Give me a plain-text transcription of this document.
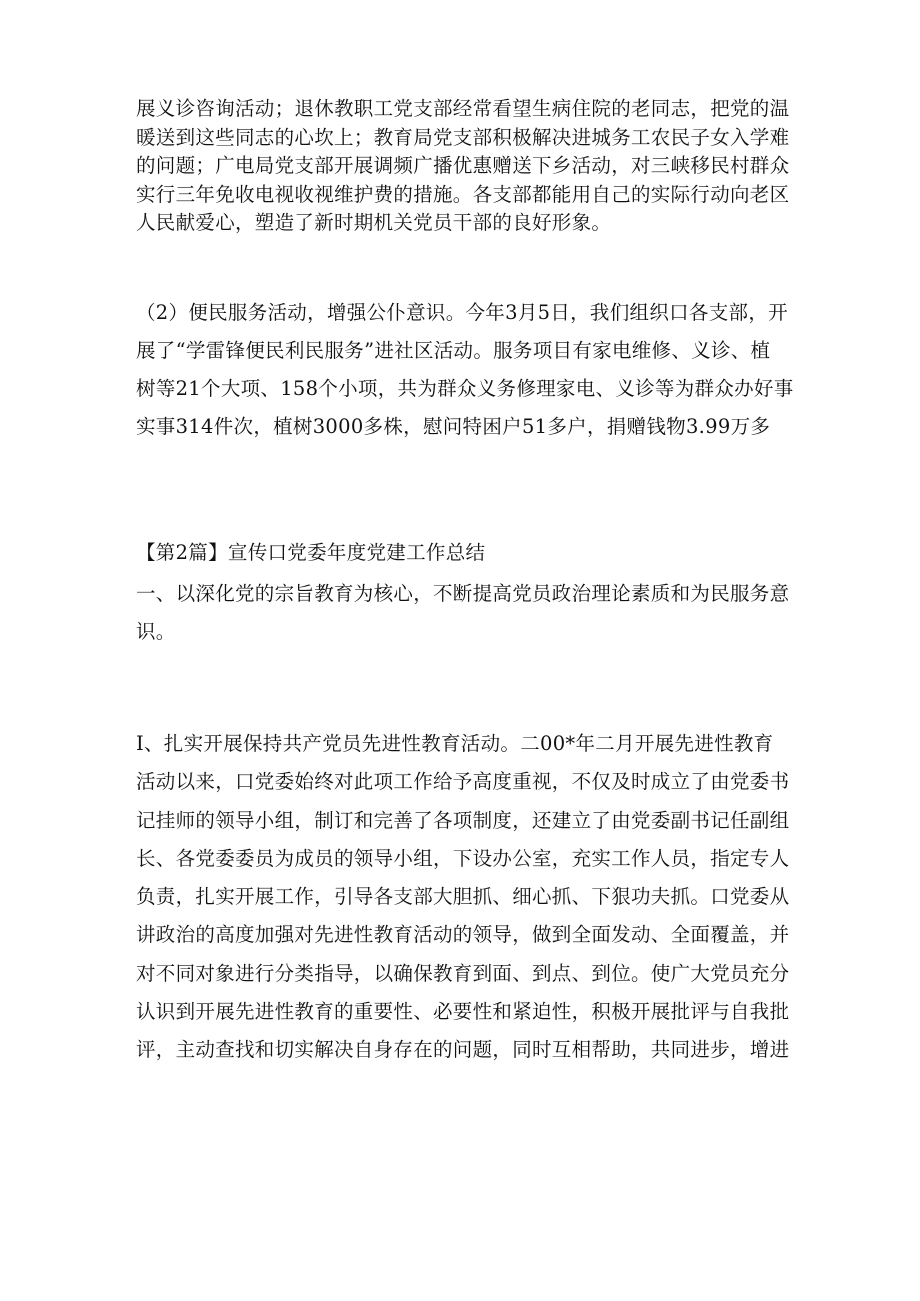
展义诊咨询活动；退休教职工党支部经常看望生病住院的老同志，把党的温
暖送到这些同志的心坎上；教育局党支部积极解决进城务工农民子女入学难
的问题；广电局党支部开展调频广播优惠赠送下乡活动，对三峡移民村群众
实行三年免收电视收视维护费的措施。各支部都能用自己的实际行动向老区
人民献爱心，塑造了新时期机关党员干部的良好形象。
（2）便民服务活动，增强公仆意识。今年3月5日，我们组织口各支部，开
展了“学雷锋便民利民服务”进社区活动。服务项目有家电维修、义诊、植
树等21个大项、158个小项，共为群众义务修理家电、义诊等为群众办好事
实事314件次，植树3000多株，慰问特困户51多户，捐赠钱物3.99万多
【第2篇】宣传口党委年度党建工作总结
一、以深化党的宗旨教育为核心，不断提高党员政治理论素质和为民服务意
识。
I、扎实开展保持共产党员先进性教育活动。二00*年二月开展先进性教育
活动以来，口党委始终对此项工作给予高度重视，不仅及时成立了由党委书
记挂师的领导小组，制订和完善了各项制度，还建立了由党委副书记任副组
长、各党委委员为成员的领导小组，下设办公室，充实工作人员，指定专人
负责，扎实开展工作，引导各支部大胆抓、细心抓、下狠功夫抓。口党委从
讲政治的高度加强对先进性教育活动的领导，做到全面发动、全面覆盖，并
对不同对象进行分类指导，以确保教育到面、到点、到位。使广大党员充分
认识到开展先进性教育的重要性、必要性和紧迫性，积极开展批评与自我批
评，主动查找和切实解决自身存在的问题，同时互相帮助，共同进步，增进
